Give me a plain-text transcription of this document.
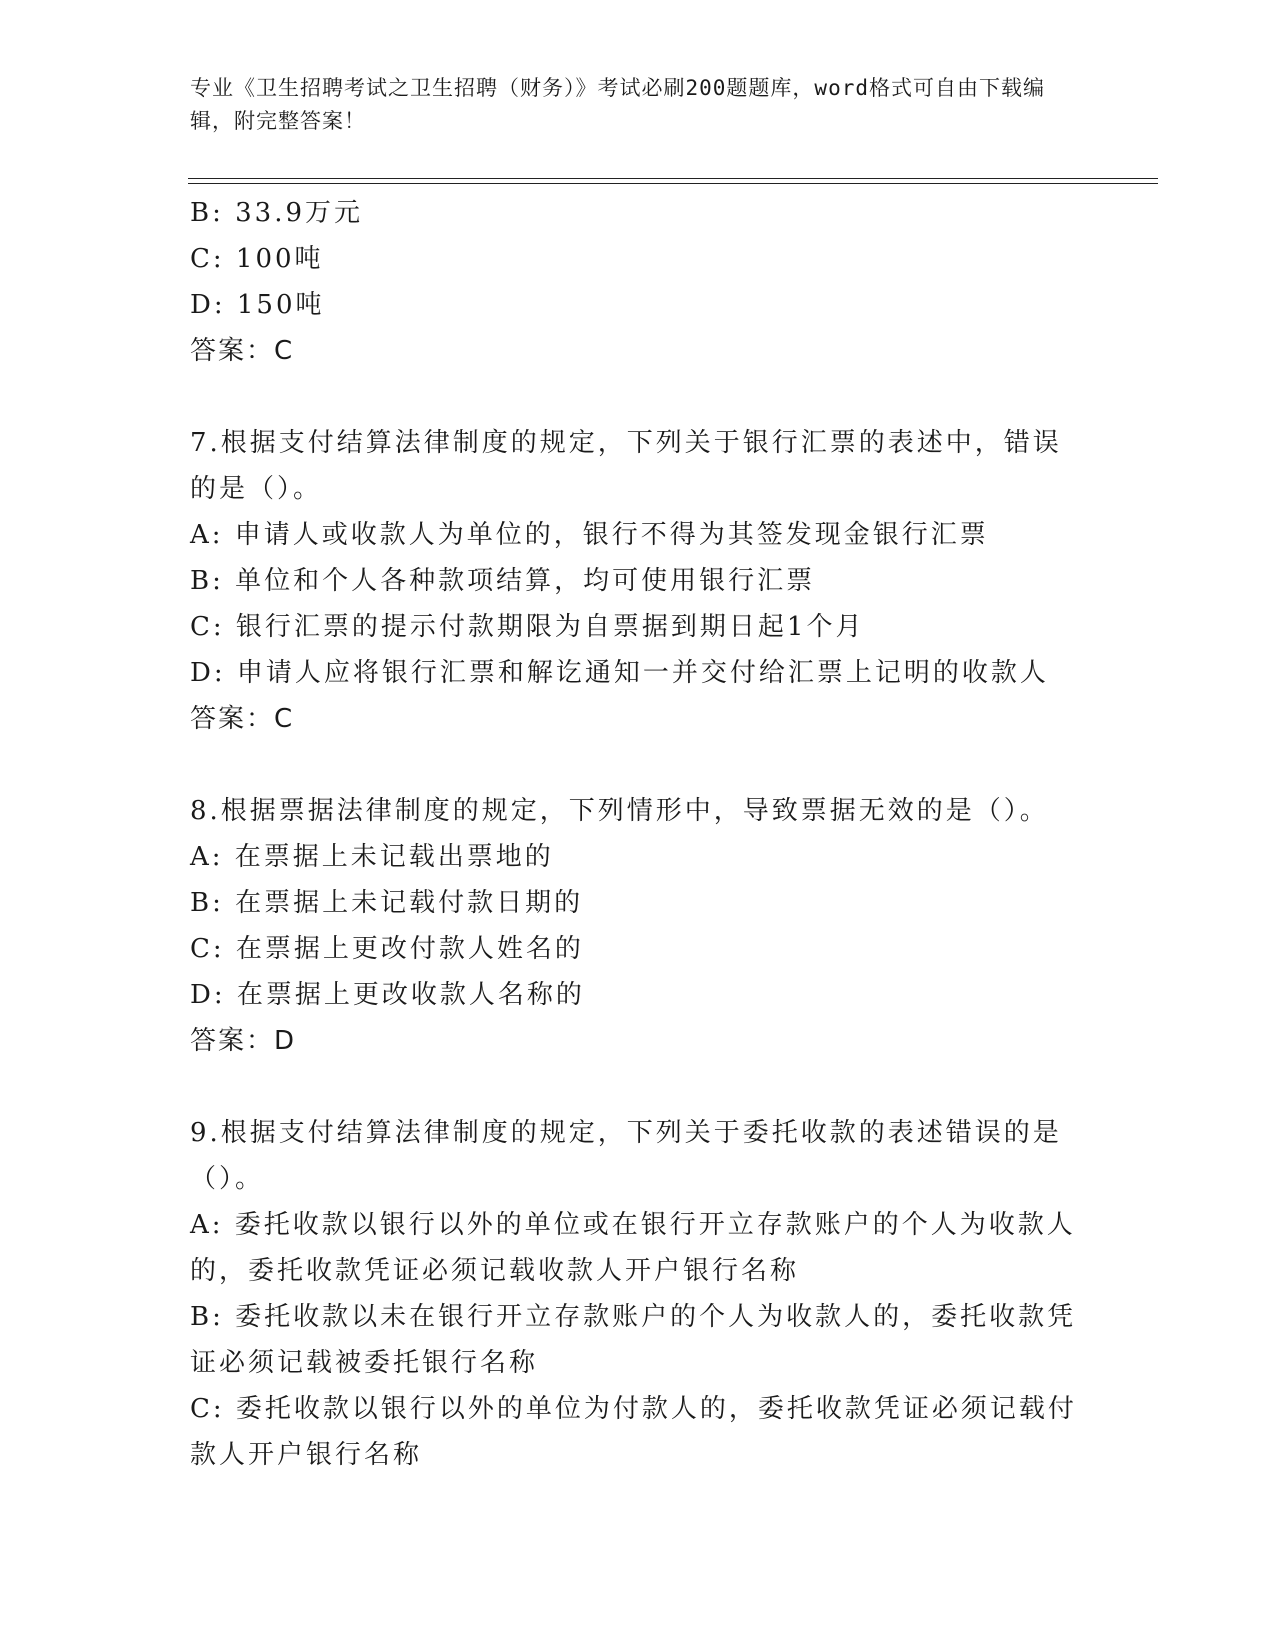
专业《卫生招聘考试之卫生招聘（财务）》考试必刷200题题库，word格式可自由下载编辑，附完整答案！
B: 33.9万元
C: 100吨
D: 150吨
答案：C
7.根据支付结算法律制度的规定，下列关于银行汇票的表述中，错误的是（）。
A: 申请人或收款人为单位的，银行不得为其签发现金银行汇票
B: 单位和个人各种款项结算，均可使用银行汇票
C: 银行汇票的提示付款期限为自票据到期日起1个月
D: 申请人应将银行汇票和解讫通知一并交付给汇票上记明的收款人
答案：C
8.根据票据法律制度的规定，下列情形中，导致票据无效的是（）。
A: 在票据上未记载出票地的
B: 在票据上未记载付款日期的
C: 在票据上更改付款人姓名的
D: 在票据上更改收款人名称的
答案：D
9.根据支付结算法律制度的规定，下列关于委托收款的表述错误的是（）。
A: 委托收款以银行以外的单位或在银行开立存款账户的个人为收款人的，委托收款凭证必须记载收款人开户银行名称
B: 委托收款以未在银行开立存款账户的个人为收款人的，委托收款凭证必须记载被委托银行名称
C: 委托收款以银行以外的单位为付款人的，委托收款凭证必须记载付款人开户银行名称
